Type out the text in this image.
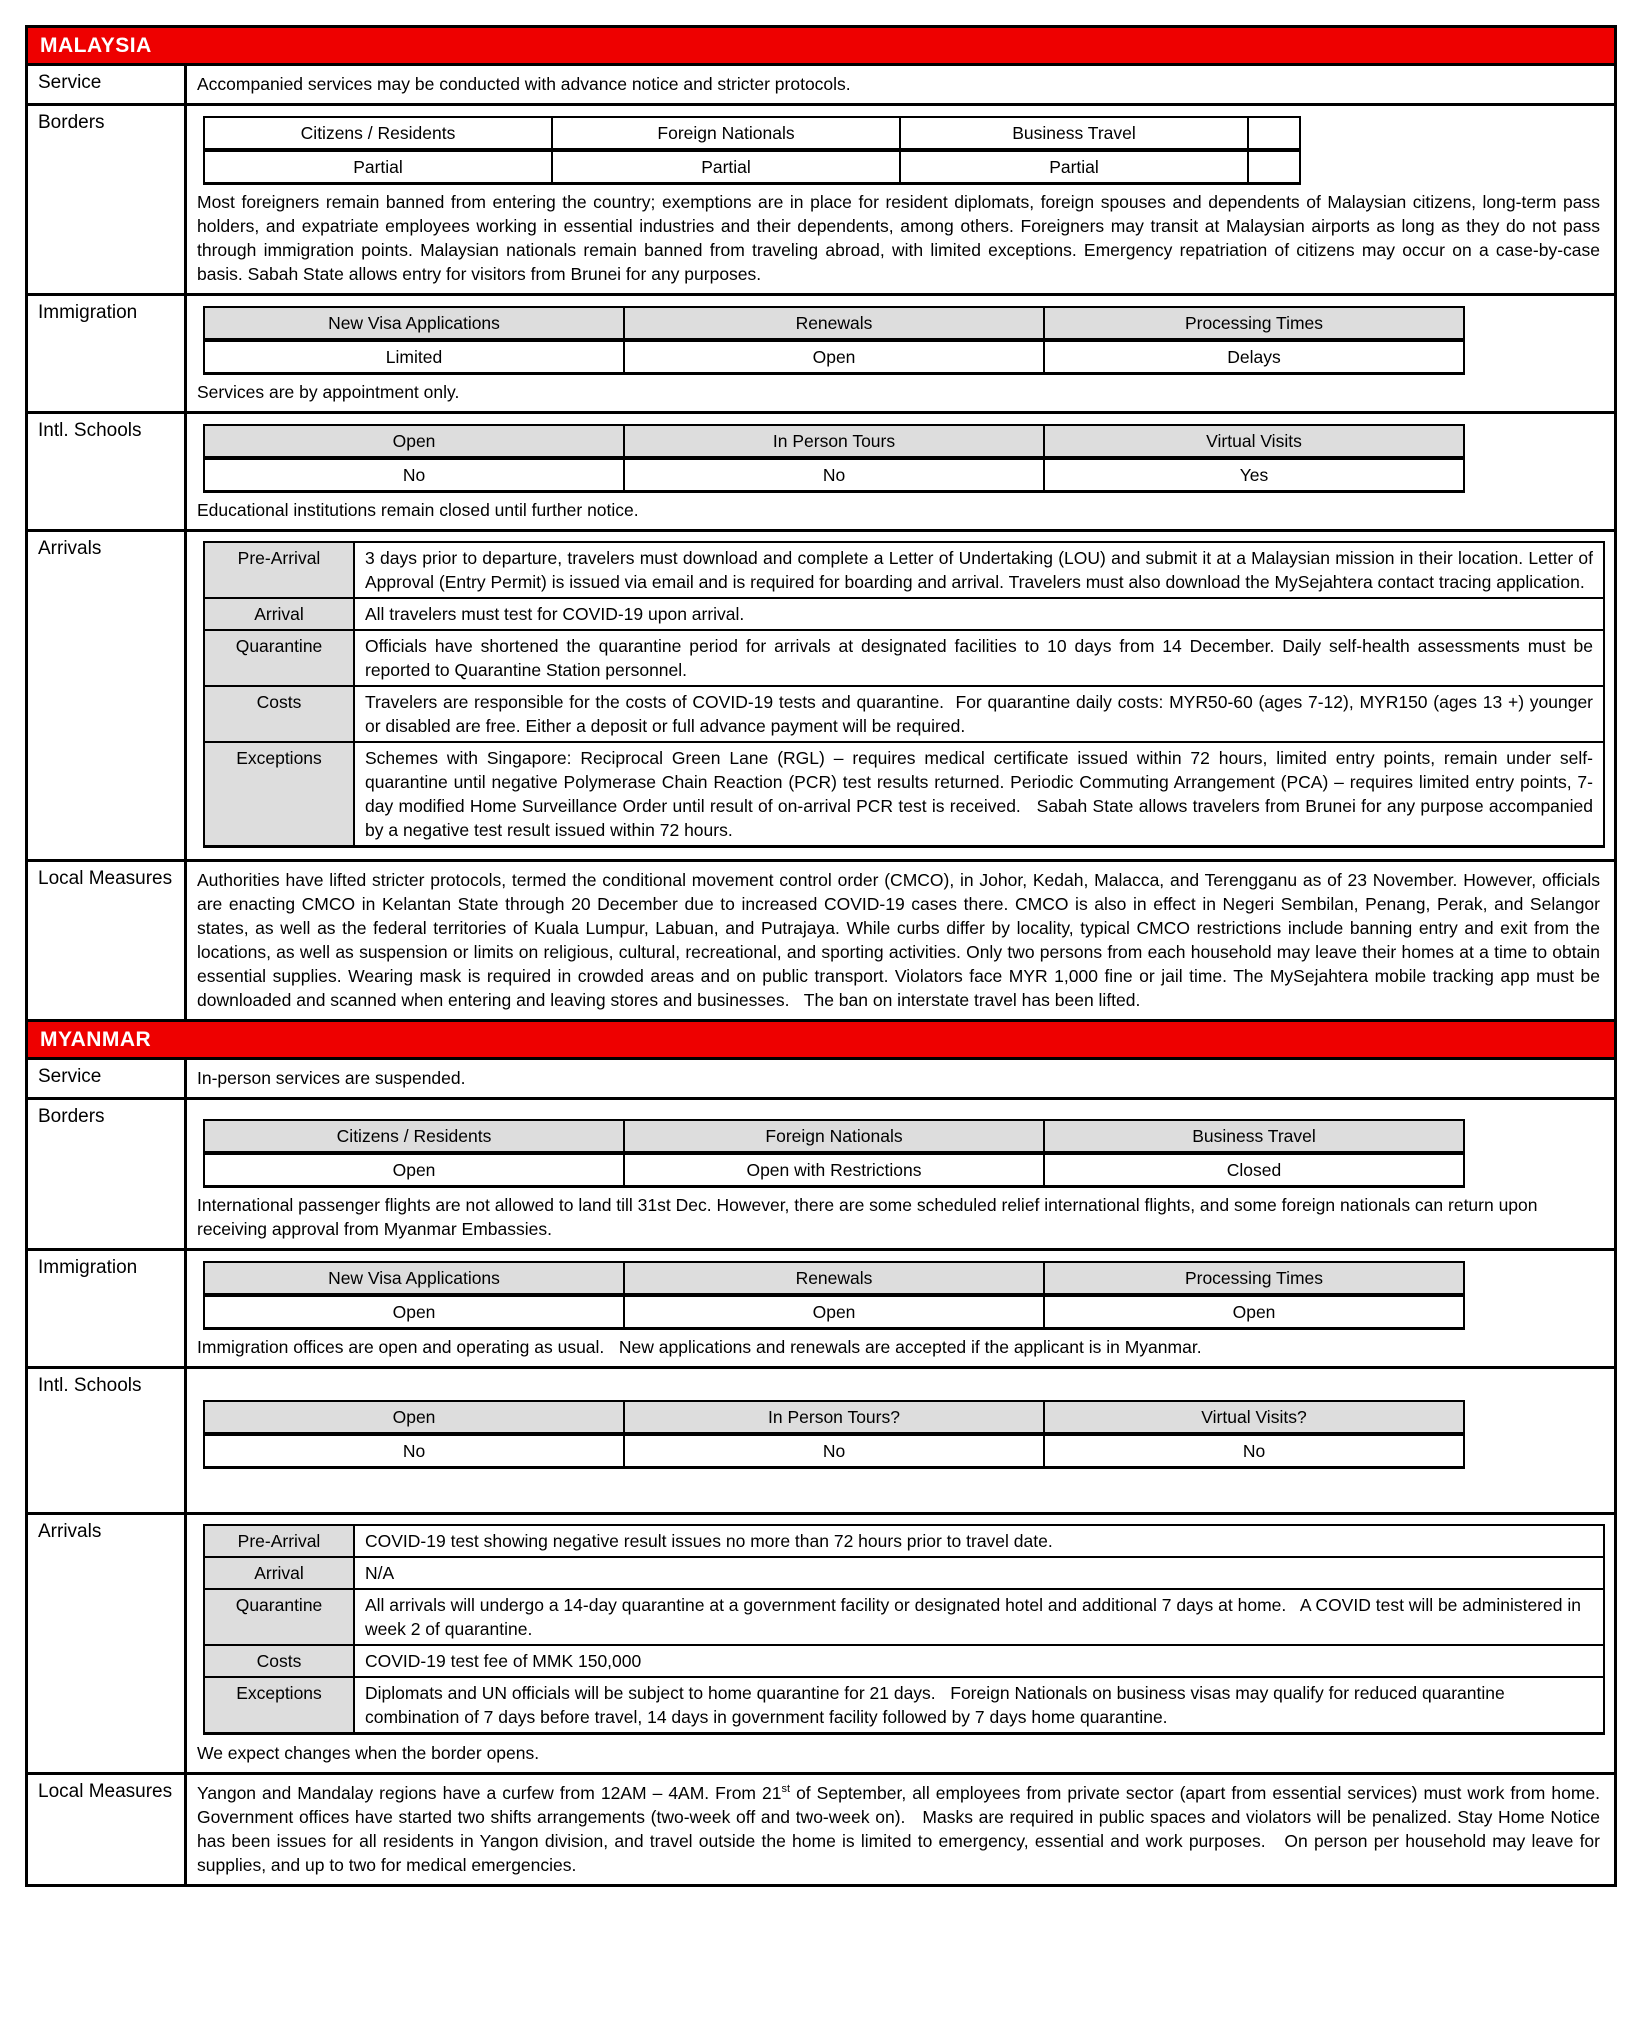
MALAYSIA
Service	Accompanied services may be conducted with advance notice and stricter protocols.

Borders	Citizens / Residents	Foreign Nationals	Business Travel	
Partial	Partial	Partial	

Most foreigners remain banned from entering the country; exemptions are in place for resident diplomats, foreign spouses and dependents of Malaysian citizens, long-term pass holders, and expatriate employees working in essential industries and their dependents, among others. Foreigners may transit at Malaysian airports as long as they do not pass through immigration points. Malaysian nationals remain banned from traveling abroad, with limited exceptions. Emergency repatriation of citizens may occur on a case-by-case basis. Sabah State allows entry for visitors from Brunei for any purposes.

Immigration	New Visa Applications	Renewals	Processing Times
Limited	Open	Delays

Services are by appointment only.

Intl. Schools	Open	In Person Tours	Virtual Visits
No	No	Yes

Educational institutions remain closed until further notice.

Arrivals	Pre-Arrival	3 days prior to departure, travelers must download and complete a Letter of Undertaking (LOU) and submit it at a Malaysian mission in their location. Letter of Approval (Entry Permit) is issued via email and is required for boarding and arrival. Travelers must also download the MySejahtera contact tracing application.
Arrival	All travelers must test for COVID-19 upon arrival.
Quarantine	Officials have shortened the quarantine period for arrivals at designated facilities to 10 days from 14 December. Daily self-health assessments must be reported to Quarantine Station personnel.
Costs	Travelers are responsible for the costs of COVID-19 tests and quarantine.  For quarantine daily costs: MYR50-60 (ages 7-12), MYR150 (ages 13 +) younger or disabled are free. Either a deposit or full advance payment will be required.
Exceptions	Schemes with Singapore: Reciprocal Green Lane (RGL) – requires medical certificate issued within 72 hours, limited entry points, remain under self-quarantine until negative Polymerase Chain Reaction (PCR) test results returned. Periodic Commuting Arrangement (PCA) – requires limited entry points, 7-day modified Home Surveillance Order until result of on-arrival PCR test is received.   Sabah State allows travelers from Brunei for any purpose accompanied by a negative test result issued within 72 hours.
Local Measures	Authorities have lifted stricter protocols, termed the conditional movement control order (CMCO), in Johor, Kedah, Malacca, and Terengganu as of 23 November. However, officials are enacting CMCO in Kelantan State through 20 December due to increased COVID-19 cases there. CMCO is also in effect in Negeri Sembilan, Penang, Perak, and Selangor states, as well as the federal territories of Kuala Lumpur, Labuan, and Putrajaya. While curbs differ by locality, typical CMCO restrictions include banning entry and exit from the locations, as well as suspension or limits on religious, cultural, recreational, and sporting activities. Only two persons from each household may leave their homes at a time to obtain essential supplies. Wearing mask is required in crowded areas and on public transport. Violators face MYR 1,000 fine or jail time. The MySejahtera mobile tracking app must be downloaded and scanned when entering and leaving stores and businesses.   The ban on interstate travel has been lifted.

MYANMAR
Service	In-person services are suspended.

Borders
Citizens / Residents	Foreign Nationals	Business Travel
Open	Open with Restrictions	Closed

International passenger flights are not allowed to land till 31st Dec. However, there are some scheduled relief international flights, and some foreign nationals can return upon receiving approval from Myanmar Embassies.

Immigration	New Visa Applications	Renewals	Processing Times
Open	Open	Open

Immigration offices are open and operating as usual.   New applications and renewals are accepted if the applicant is in Myanmar.

Intl. Schools
Open	In Person Tours?	Virtual Visits?
No	No	No
Arrivals	Pre-Arrival	COVID-19 test showing negative result issues no more than 72 hours prior to travel date.
Arrival	N/A
Quarantine	All arrivals will undergo a 14-day quarantine at a government facility or designated hotel and additional 7 days at home.   A COVID test will be administered in week 2 of quarantine.
Costs	COVID-19 test fee of MMK 150,000
Exceptions	Diplomats and UN officials will be subject to home quarantine for 21 days.   Foreign Nationals on business visas may qualify for reduced quarantine combination of 7 days before travel, 14 days in government facility followed by 7 days home quarantine.

We expect changes when the border opens.

Local Measures	Yangon and Mandalay regions have a curfew from 12AM – 4AM. From 21st of September, all employees from private sector (apart from essential services) must work from home. Government offices have started two shifts arrangements (two-week off and two-week on).   Masks are required in public spaces and violators will be penalized. Stay Home Notice has been issues for all residents in Yangon division, and travel outside the home is limited to emergency, essential and work purposes.   On person per household may leave for supplies, and up to two for medical emergencies.
